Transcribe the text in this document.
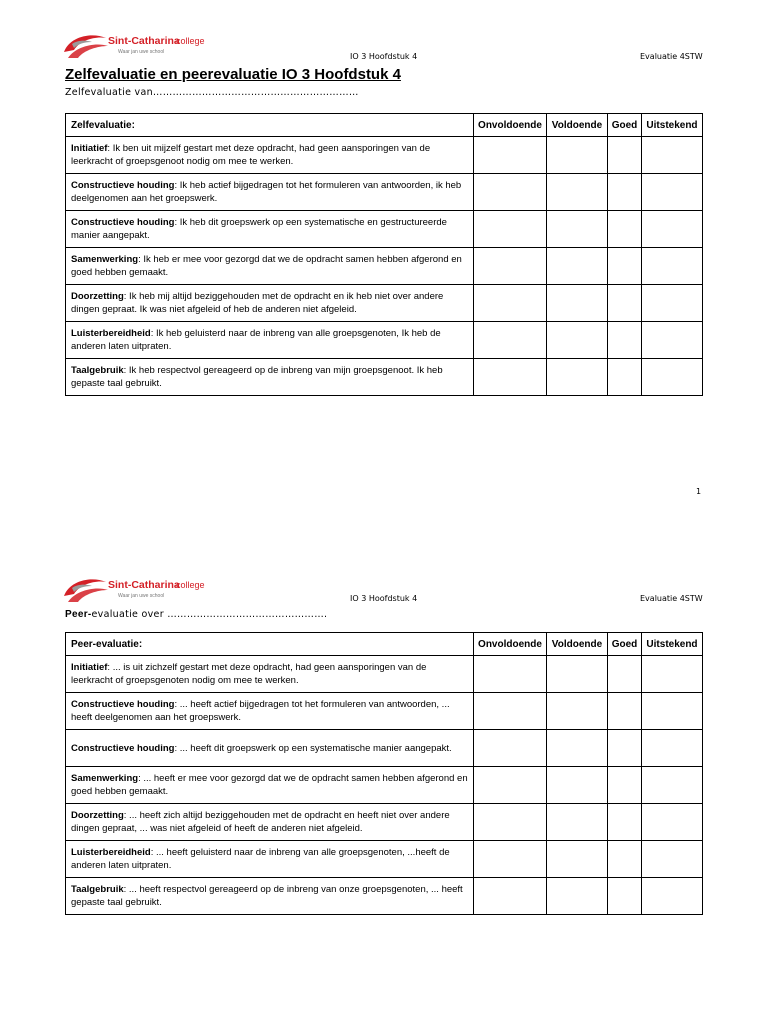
Sint-Catharina
college
Waar jan uwe school	IO 3 Hoofdstuk 4	Evaluatie 4STW
Zelfevaluatie en peerevaluatie IO 3 Hoofdstuk 4
Zelfevaluatie van………………………………………………………
Zelfevaluatie:	Onvoldoende	Voldoende	Goed	Uitstekend
Initiatief: Ik ben uit mijzelf gestart met deze opdracht, had geen aansporingen van de leerkracht of groepsgenoot nodig om mee te werken.				
Constructieve houding: Ik heb actief bijgedragen tot het formuleren van antwoorden, ik heb deelgenomen aan het groepswerk.				
Constructieve houding: Ik heb dit groepswerk op een systematische en gestructureerde manier aangepakt.				
Samenwerking: Ik heb er mee voor gezorgd dat we de opdracht samen hebben afgerond en goed hebben gemaakt.				
Doorzetting: Ik heb mij altijd beziggehouden met de opdracht en ik heb niet over andere dingen gepraat. Ik was niet afgeleid of heb de anderen niet afgeleid.				
Luisterbereidheid: Ik heb geluisterd naar de inbreng van alle groepsgenoten, Ik heb de anderen laten uitpraten.				
Taalgebruik: Ik heb respectvol gereageerd op de inbreng van mijn groepsgenoot. Ik heb gepaste taal gebruikt.				
1
Sint-Catharina
college
Waar jan uwe school	IO 3 Hoofdstuk 4	Evaluatie 4STW
Peer-evaluatie over ………………………………………….
Peer-evaluatie:	Onvoldoende	Voldoende	Goed	Uitstekend
Initiatief: ... is uit zichzelf gestart met deze opdracht, had geen aansporingen van de leerkracht of groepsgenoten nodig om mee te werken.				
Constructieve houding: ... heeft actief bijgedragen tot het formuleren van antwoorden, ... heeft deelgenomen aan het groepswerk.				
Constructieve houding: ... heeft dit groepswerk op een systematische manier aangepakt.				
Samenwerking: ... heeft er mee voor gezorgd dat we de opdracht samen hebben afgerond en goed hebben gemaakt.				
Doorzetting: ... heeft zich altijd beziggehouden met de opdracht en heeft niet over andere dingen gepraat, ... was niet afgeleid of heeft de anderen niet afgeleid.				
Luisterbereidheid: ... heeft geluisterd naar de inbreng van alle groepsgenoten, ...heeft de anderen laten uitpraten.				
Taalgebruik: ... heeft respectvol gereageerd op de inbreng van onze groepsgenoten, ... heeft gepaste taal gebruikt.				
